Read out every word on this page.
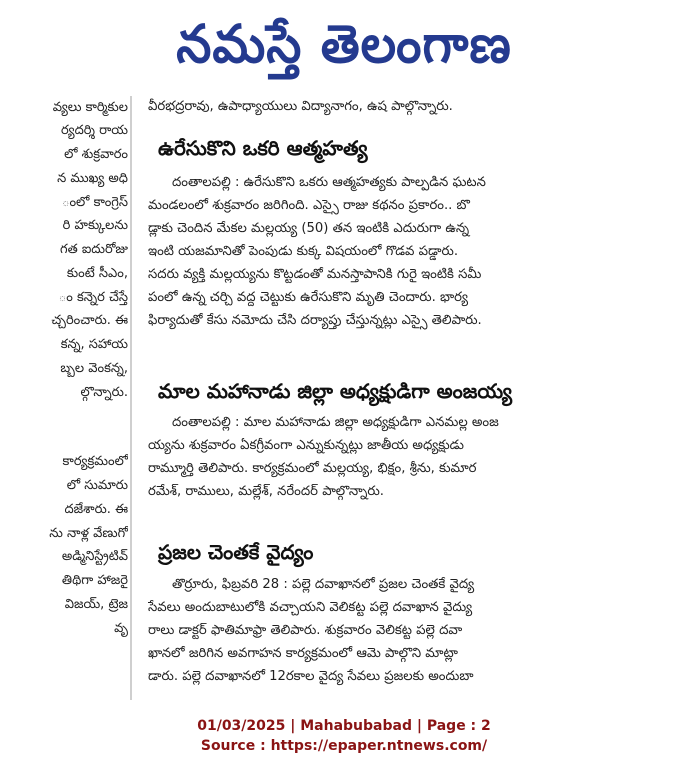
నమస్తే తెలంగాణ
వ్యలు కార్మికుల
ర్యదర్శి రాయ
లో శుక్రవారం
న ముఖ్య అధి
ంలో కాంగ్రెస్
రి హక్కులను
గత ఐదురోజు
కుంటే సీఎం,
ం కన్నెర చేస్తే
చ్చరించారు. ఈ
కన్న, సహాయ
బ్బల వెంకన్న,
ల్గొన్నారు.
కార్యక్రమంలో
లో సుమారు
దజేశారు. ఈ
ను నాళ్ల వేణుగో
అడ్మినిస్ట్రేటివ్
తిథిగా హాజరై
విజయ్, ట్రెజ
వృ
వీరభద్రరావు, ఉపాధ్యాయులు విద్యానాగం, ఉష పాల్గొన్నారు.
ఉరేసుకొని ఒకరి ఆత్మహత్య
దంతాలపల్లి : ఉరేసుకొని ఒకరు ఆత్మహత్యకు పాల్పడిన ఘటన
మండలంలో శుక్రవారం జరిగింది. ఎస్సై రాజు కథనం ప్రకారం.. బొ
డ్లాకు చెందిన మేకల మల్లయ్య (50) తన ఇంటికి ఎదురుగా ఉన్న
ఇంటి యజమానితో పెంపుడు కుక్క విషయంలో గొడవ పడ్డారు.
సదరు వ్యక్తి మల్లయ్యను కొట్టడంతో మనస్తాపానికి గురై ఇంటికి సమీ
పంలో ఉన్న చర్చి వద్ద చెట్టుకు ఉరేసుకొని మృతి చెందారు. భార్య
ఫిర్యాదుతో కేసు నమోదు చేసి దర్యాప్తు చేస్తున్నట్లు ఎస్సై తెలిపారు.
మాల మహానాడు జిల్లా అధ్యక్షుడిగా అంజయ్య
దంతాలపల్లి : మాల మహానాడు జిల్లా అధ్యక్షుడిగా ఎనమల్ల అంజ
య్యను శుక్రవారం ఏకగ్రీవంగా ఎన్నుకున్నట్లు జాతీయ అధ్యక్షుడు
రామ్మూర్తి తెలిపారు. కార్యక్రమంలో మల్లయ్య, భిక్షం, శ్రీను, కుమార
రమేశ్, రాములు, మల్లేశ్, నరేందర్ పాల్గొన్నారు.
ప్రజల చెంతకే వైద్యం
తొర్రూరు, ఫిబ్రవరి 28 : పల్లె దవాఖానలో ప్రజల చెంతకే వైద్య
సేవలు అందుబాటులోకి వచ్చాయని వెలికట్ట పల్లె దవాఖాన వైద్యు
రాలు డాక్టర్ ఫాతిమాఫ్రా తెలిపారు. శుక్రవారం వెలికట్ట పల్లె దవా
ఖానలో జరిగిన అవగాహన కార్యక్రమంలో ఆమె పాల్గొని మాట్లా
డారు. పల్లె దవాఖానలో 12రకాల వైద్య సేవలు ప్రజలకు అందుబా
01/03/2025 | Mahabubabad | Page : 2
Source : https://epaper.ntnews.com/
